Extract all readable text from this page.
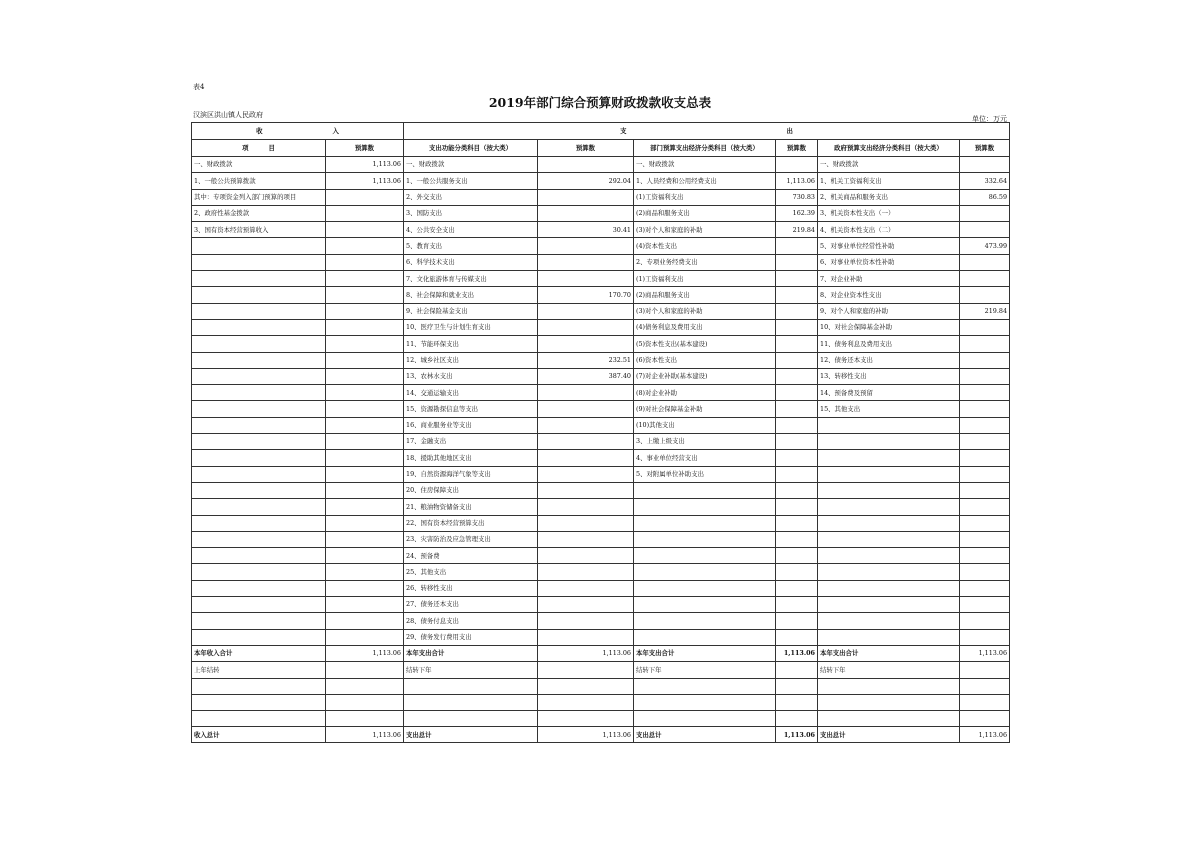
表4
2019年部门综合预算财政拨款收支总表
汉滨区洪山镇人民政府	单位：万元
收 入		支 出					

项 目	预算数	支出功能分类科目（按大类）	预算数	部门预算支出经济分类科目（按大类）	预算数	政府预算支出经济分类科目（按大类）	预算数
一、财政拨款	1,113.06	一、财政拨款		一、财政拨款		一、财政拨款	
1、一般公共预算拨款	1,113.06	1、一般公共服务支出	292.04	1、人员经费和公用经费支出	1,113.06	1、机关工资福利支出	332.64
其中：专项资金列入部门预算的项目		2、外交支出		(1)工资福利支出	730.83	2、机关商品和服务支出	86.59
2、政府性基金拨款		3、国防支出		(2)商品和服务支出	162.39	3、机关资本性支出（一）	
3、国有资本经营预算收入		4、公共安全支出	30.41	(3)对个人和家庭的补助	219.84	4、机关资本性支出（二）	
		5、教育支出		(4)资本性支出		5、对事业单位经常性补助	473.99
		6、科学技术支出		2、专项业务经费支出		6、对事业单位资本性补助	
		7、文化旅游体育与传媒支出		(1)工资福利支出		7、对企业补助	
		8、社会保障和就业支出	170.70	(2)商品和服务支出		8、对企业资本性支出	
		9、社会保险基金支出		(3)对个人和家庭的补助		9、对个人和家庭的补助	219.84
		10、医疗卫生与计划生育支出		(4)债务利息及费用支出		10、对社会保障基金补助	
		11、节能环保支出		(5)资本性支出(基本建设)		11、债务利息及费用支出	
		12、城乡社区支出	232.51	(6)资本性支出		12、债务还本支出	
		13、农林水支出	387.40	(7)对企业补助(基本建设)		13、转移性支出	
		14、交通运输支出		(8)对企业补助		14、预备费及预留	
		15、资源勘探信息等支出		(9)对社会保障基金补助		15、其他支出	
		16、商业服务业等支出		(10)其他支出			
		17、金融支出		3、上缴上级支出			
		18、援助其他地区支出		4、事业单位经营支出			
		19、自然资源海洋气象等支出		5、对附属单位补助支出			
		20、住房保障支出					
		21、粮油物资储备支出					
		22、国有资本经营预算支出					
		23、灾害防治及应急管理支出					
		24、预备费					
		25、其他支出					
		26、转移性支出					
		27、债务还本支出					
		28、债务付息支出					
		29、债务发行费用支出					
本年收入合计	1,113.06	本年支出合计	1,113.06	本年支出合计	1,113.06	本年支出合计	1,113.06
上年结转		结转下年		结转下年		结转下年	

收入总计	1,113.06	支出总计	1,113.06	支出总计	1,113.06	支出总计	1,113.06
